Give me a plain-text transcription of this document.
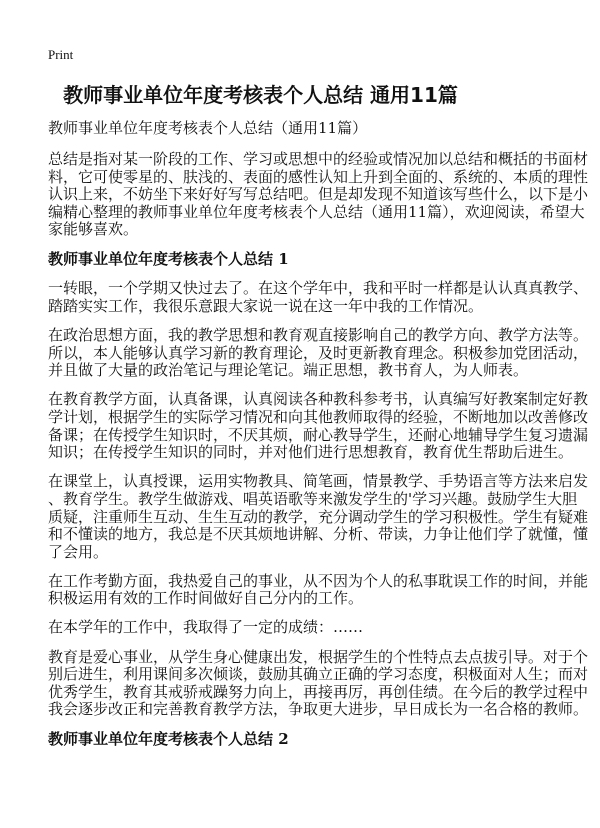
Print
教师事业单位年度考核表个人总结 通用11篇
教师事业单位年度考核表个人总结（通用11篇）

总结是指对某一阶段的工作、学习或思想中的经验或情况加以总结和概括的书面材
料，它可使零星的、肤浅的、表面的感性认知上升到全面的、系统的、本质的理性
认识上来，不妨坐下来好好写写总结吧。但是却发现不知道该写些什么，以下是小
编精心整理的教师事业单位年度考核表个人总结（通用11篇），欢迎阅读，希望大
家能够喜欢。

教师事业单位年度考核表个人总结 1

一转眼，一个学期又快过去了。在这个学年中，我和平时一样都是认认真真教学、
踏踏实实工作，我很乐意跟大家说一说在这一年中我的工作情况。

在政治思想方面，我的教学思想和教育观直接影响自己的教学方向、教学方法等。
所以，本人能够认真学习新的教育理论，及时更新教育理念。积极参加党团活动，
并且做了大量的政治笔记与理论笔记。端正思想，教书育人，为人师表。

在教育教学方面，认真备课，认真阅读各种教科参考书，认真编写好教案制定好教
学计划，根据学生的实际学习情况和向其他教师取得的经验，不断地加以改善修改
备课；在传授学生知识时，不厌其烦，耐心教导学生，还耐心地辅导学生复习遗漏
知识；在传授学生知识的同时，并对他们进行思想教育，教育优生帮助后进生。

在课堂上，认真授课，运用实物教具、简笔画，情景教学、手势语言等方法来启发
、教育学生。教学生做游戏、唱英语歌等来激发学生的'学习兴趣。鼓励学生大胆
质疑，注重师生互动、生生互动的教学，充分调动学生的学习积极性。学生有疑难
和不懂读的地方，我总是不厌其烦地讲解、分析、带读，力争让他们学了就懂，懂
了会用。

在工作考勤方面，我热爱自己的事业，从不因为个人的私事耽误工作的时间，并能
积极运用有效的工作时间做好自己分内的工作。

在本学年的工作中，我取得了一定的成绩：……

教育是爱心事业，从学生身心健康出发，根据学生的个性特点去点拔引导。对于个
别后进生，利用课间多次倾谈，鼓励其确立正确的学习态度，积极面对人生；而对
优秀学生，教育其戒骄戒躁努力向上，再接再厉，再创佳绩。在今后的教学过程中
我会逐步改正和完善教育教学方法，争取更大进步，早日成长为一名合格的教师。

教师事业单位年度考核表个人总结 2
